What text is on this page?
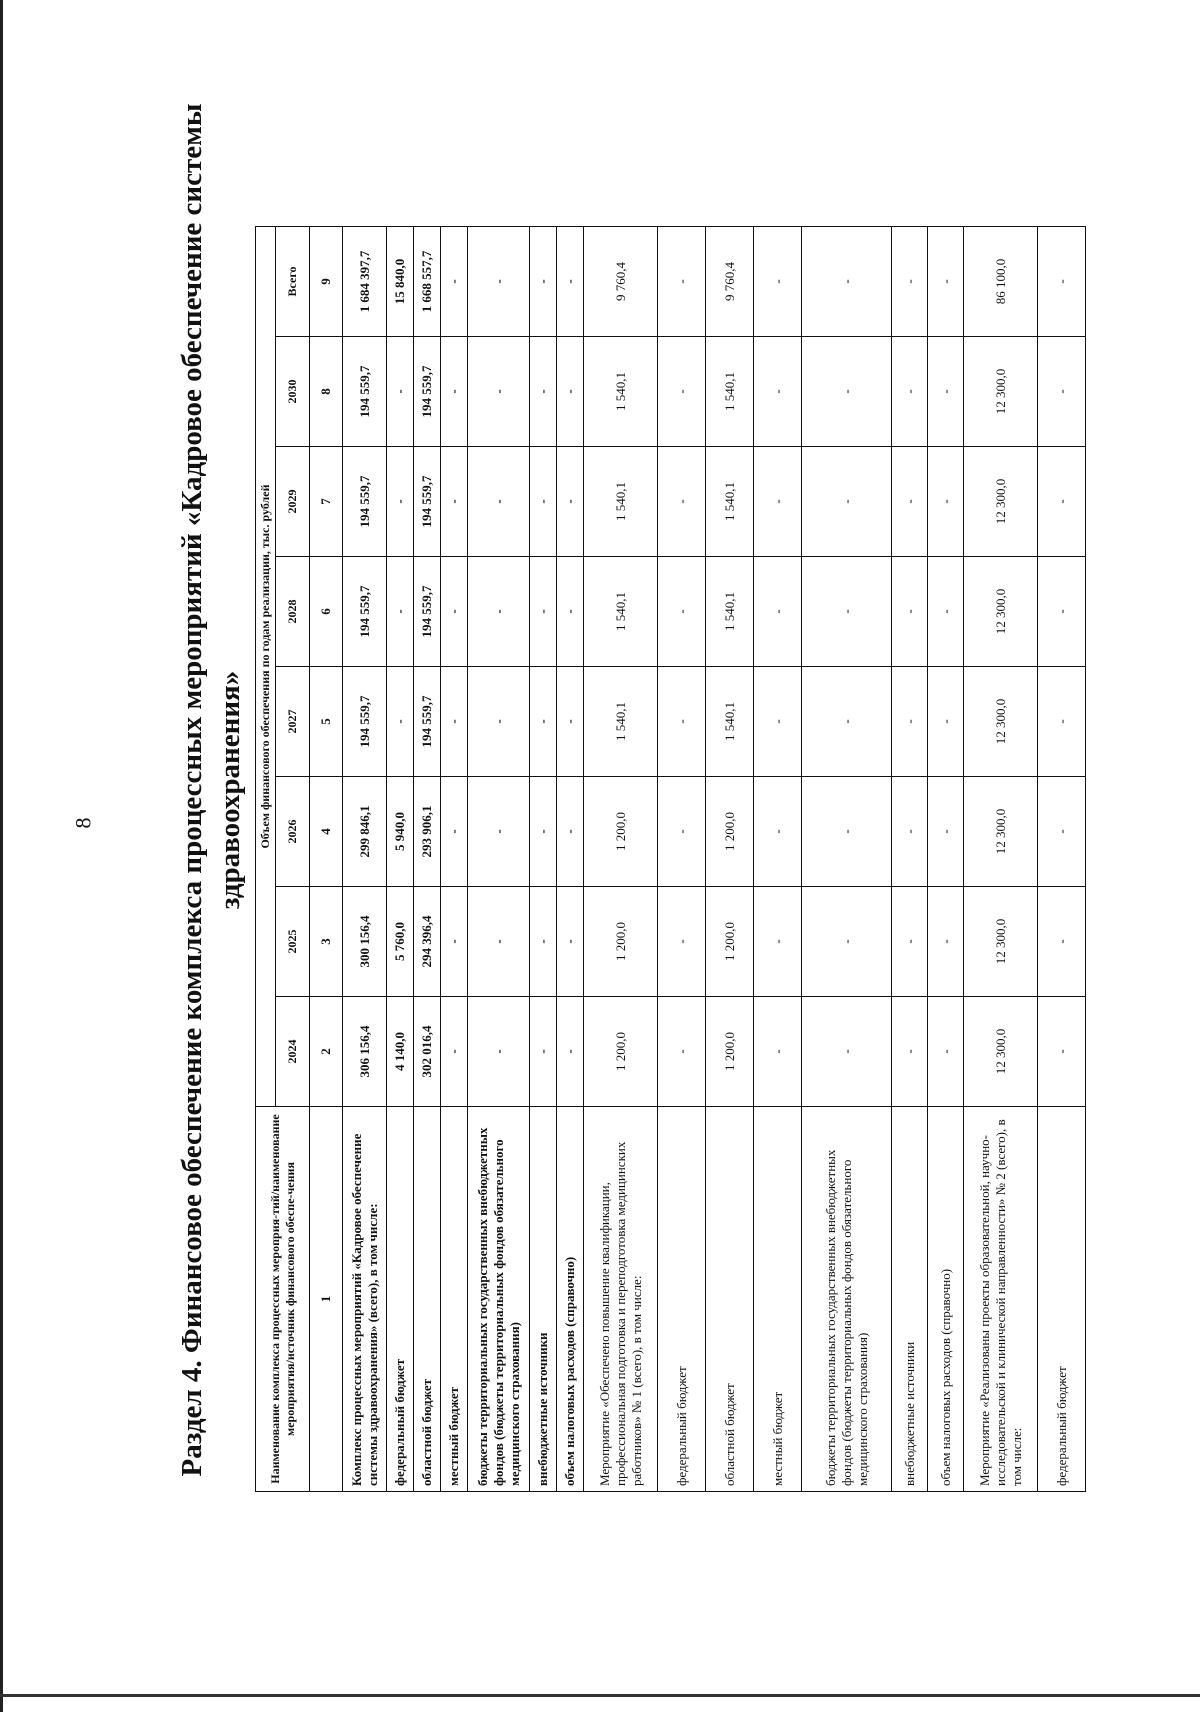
8	Раздел 4. Финансовое обеспечение комплекса процессных мероприятий «Кадровое обеспечение системы здравоохранения»

Наименование комплекса процессных мероприя-тий/наименование мероприятия/источник финансового обеспе-чения	Объем финансового обеспечения по годам реализации, тыс. рублей							
	2024	2025	2026	2027	2028	2029	2030	Всего
1	2	3	4	5	6	7	8	9
Комплекс процессных мероприятий «Кадровое обеспечение системы здравоохранения» (всего), в том числе:	306 156,4	300 156,4	299 846,1	194 559,7	194 559,7	194 559,7	194 559,7	1 684 397,7
федеральный бюджет	4 140,0	5 760,0	5 940,0	-	-	-	-	15 840,0
областной бюджет	302 016,4	294 396,4	293 906,1	194 559,7	194 559,7	194 559,7	194 559,7	1 668 557,7
местный бюджет	-	-	-	-	-	-	-	-
бюджеты территориальных государственных внебюджетных фондов (бюджеты территориальных фондов обязательного медицинского страхования)	-	-	-	-	-	-	-	-
внебюджетные источники	-	-	-	-	-	-	-	-
объем налоговых расходов (справочно)	-	-	-	-	-	-	-	-
Мероприятие «Обеспечено повышение квалификации, профессиональная подготовка и переподготовка медицинских работников» № 1 (всего), в том числе:	1 200,0	1 200,0	1 200,0	1 540,1	1 540,1	1 540,1	1 540,1	9 760,4
федеральный бюджет	-	-	-	-	-	-	-	-
областной бюджет	1 200,0	1 200,0	1 200,0	1 540,1	1 540,1	1 540,1	1 540,1	9 760,4
местный бюджет	-	-	-	-	-	-	-	-
бюджеты территориальных государственных внебюджетных фондов (бюджеты территориальных фондов обязательного медицинского страхования)	-	-	-	-	-	-	-	-
внебюджетные источники	-	-	-	-	-	-	-	-
объем налоговых расходов (справочно)	-	-	-	-	-	-	-	-
Мероприятие «Реализованы проекты образовательной, научно-исследовательской и клинической направленности» № 2 (всего), в том числе:	12 300,0	12 300,0	12 300,0	12 300,0	12 300,0	12 300,0	12 300,0	86 100,0
федеральный бюджет	-	-	-	-	-	-	-	-
